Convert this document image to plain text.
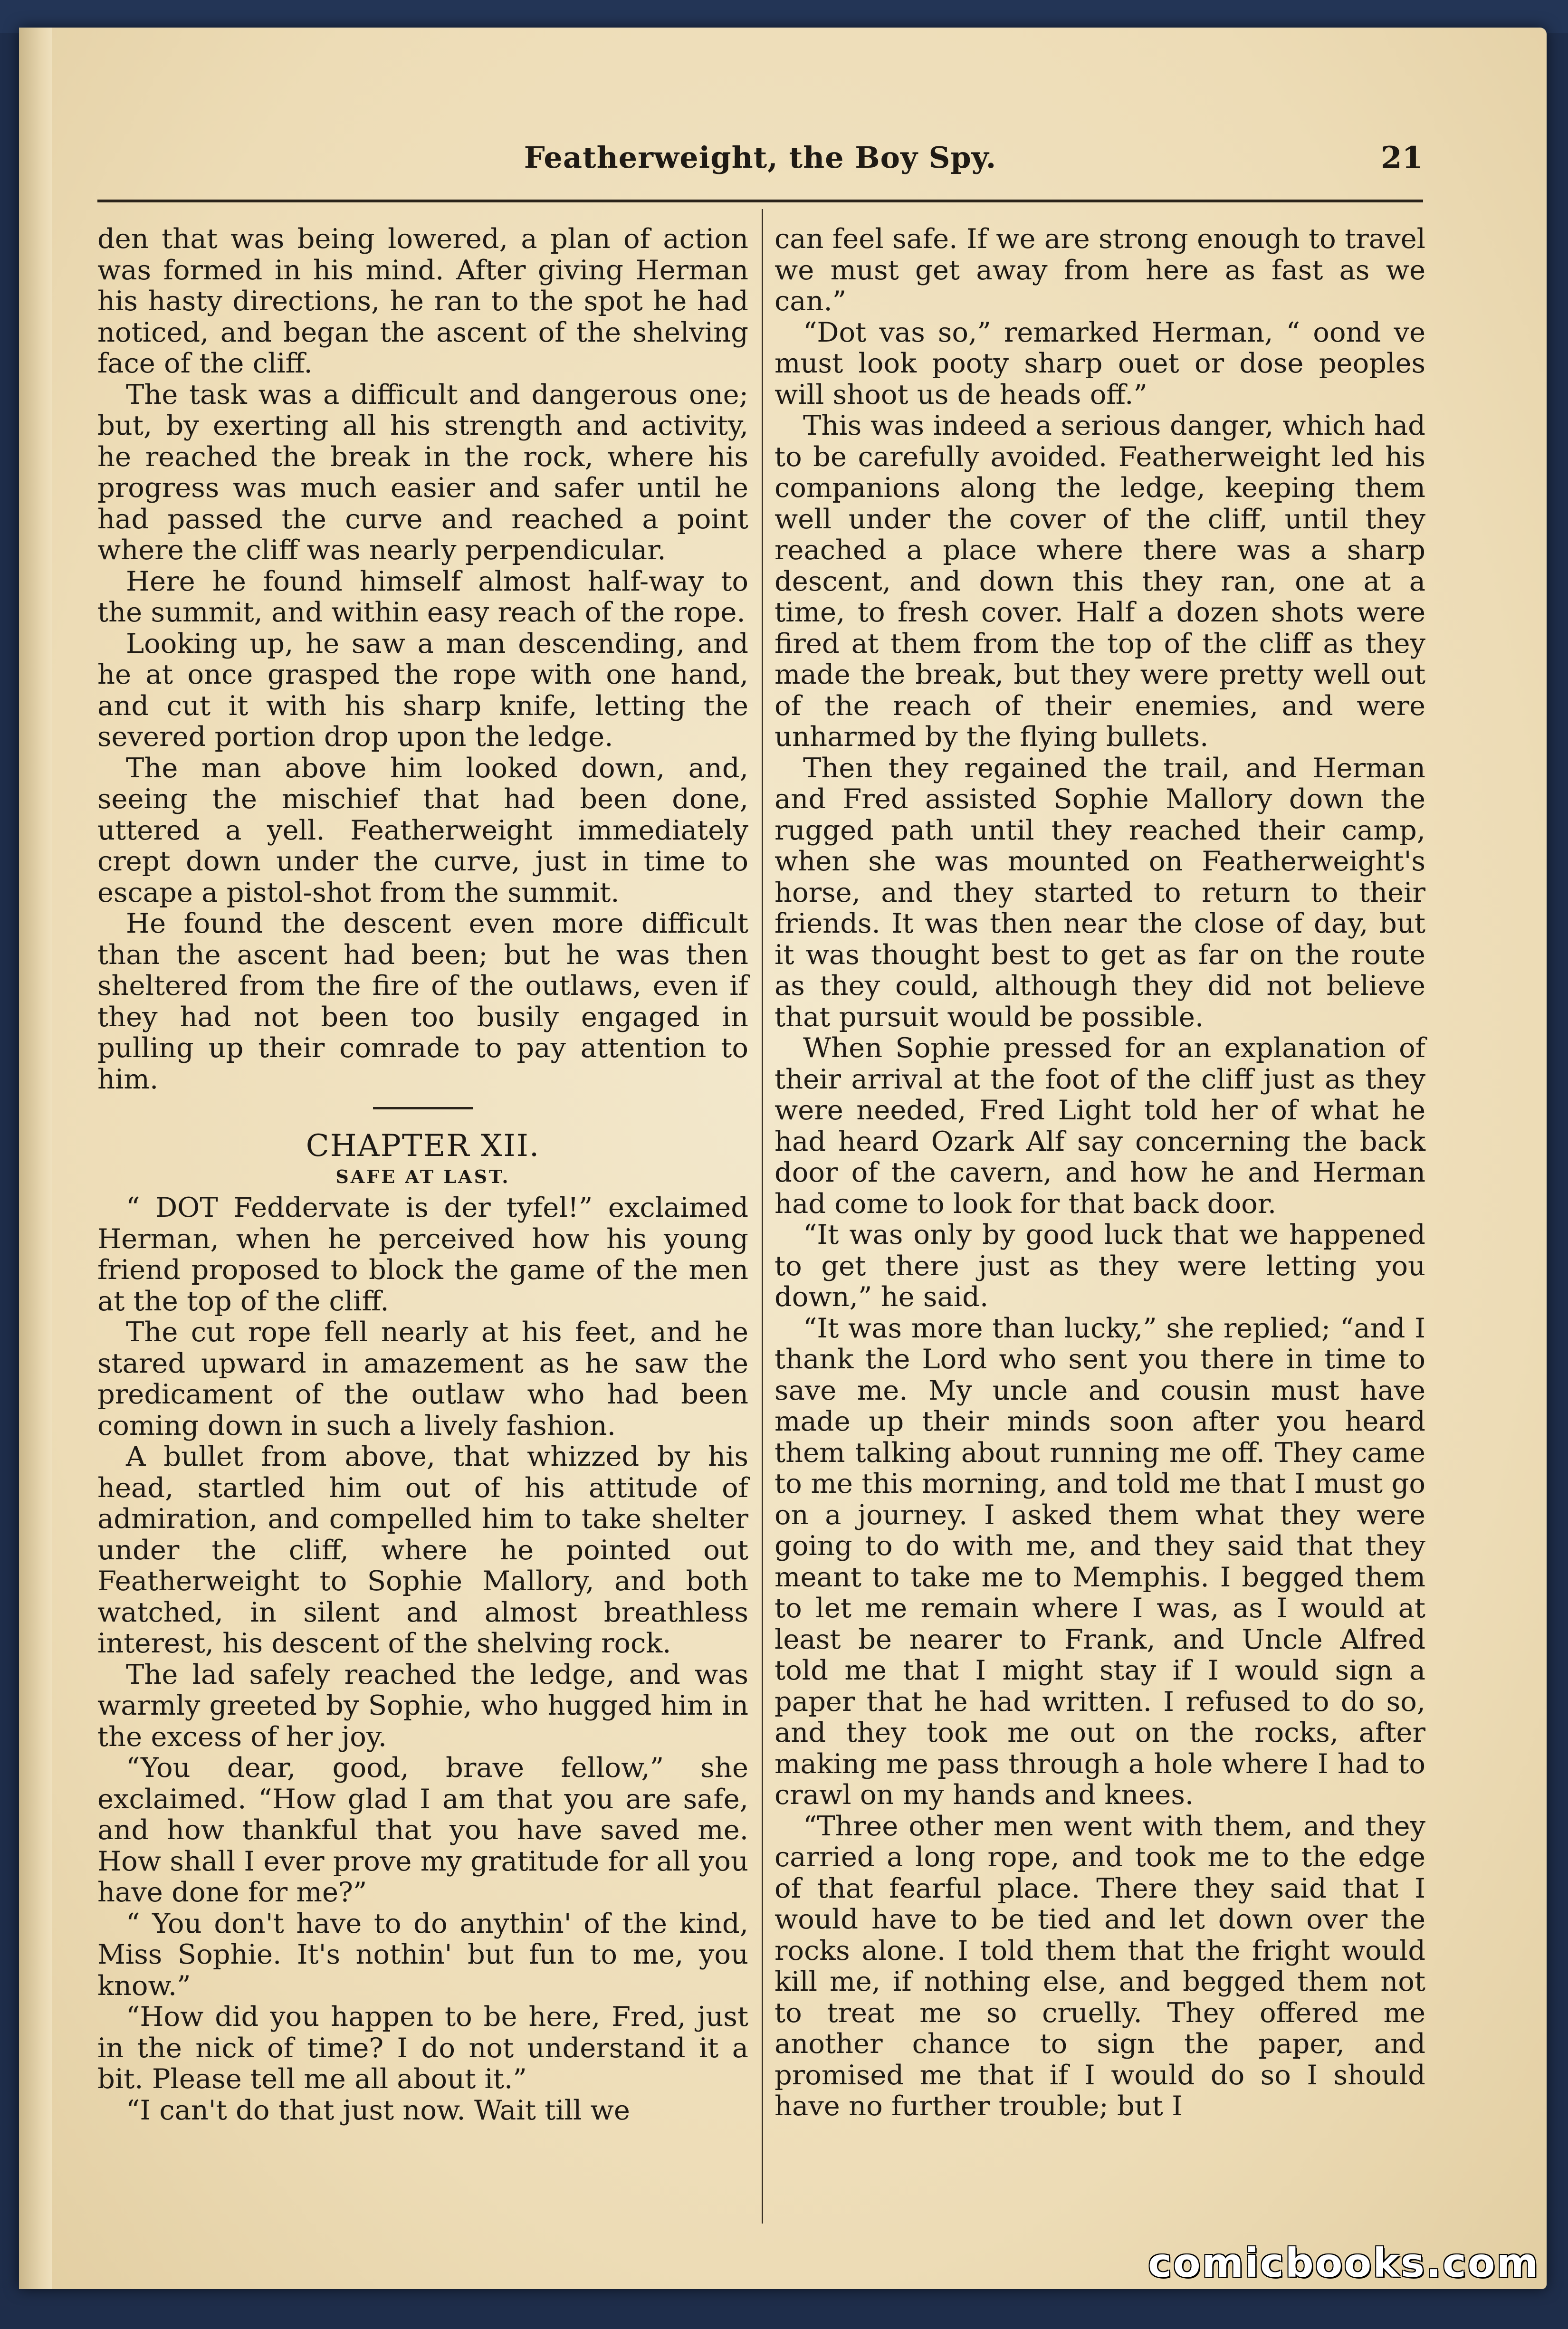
Featherweight, the Boy Spy.	21

den that was being lowered, a plan of action was formed in his mind. After giving Herman his hasty directions, he ran to the spot he had noticed, and began the ascent of the shelving face of the cliff.

The task was a difficult and dangerous one; but, by exerting all his strength and activity, he reached the break in the rock, where his progress was much easier and safer until he had passed the curve and reached a point where the cliff was nearly perpendicular.

Here he found himself almost half-way to the summit, and within easy reach of the rope.

Looking up, he saw a man descending, and he at once grasped the rope with one hand, and cut it with his sharp knife, letting the severed portion drop upon the ledge.

The man above him looked down, and, seeing the mischief that had been done, uttered a yell. Featherweight immediately crept down under the curve, just in time to escape a pistol-shot from the summit.

He found the descent even more difficult than the ascent had been; but he was then sheltered from the fire of the outlaws, even if they had not been too busily engaged in pulling up their comrade to pay attention to him.

CHAPTER XII.

SAFE AT LAST.

“ DOT Feddervate is der tyfel!” exclaimed Herman, when he perceived how his young friend proposed to block the game of the men at the top of the cliff.

The cut rope fell nearly at his feet, and he stared upward in amazement as he saw the predicament of the outlaw who had been coming down in such a lively fashion.

A bullet from above, that whizzed by his head, startled him out of his attitude of admiration, and compelled him to take shelter under the cliff, where he pointed out Featherweight to Sophie Mallory, and both watched, in silent and almost breathless interest, his descent of the shelving rock.

The lad safely reached the ledge, and was warmly greeted by Sophie, who hugged him in the excess of her joy.

“You dear, good, brave fellow,” she exclaimed. “How glad I am that you are safe, and how thankful that you have saved me. How shall I ever prove my gratitude for all you have done for me?”

“ You don't have to do anythin' of the kind, Miss Sophie. It's nothin' but fun to me, you know.”

“How did you happen to be here, Fred, just in the nick of time? I do not understand it a bit. Please tell me all about it.”

“I can't do that just now. Wait till we

can feel safe. If we are strong enough to travel we must get away from here as fast as we can.”

“Dot vas so,” remarked Herman, “ oond ve must look pooty sharp ouet or dose peoples will shoot us de heads off.”

This was indeed a serious danger, which had to be carefully avoided. Featherweight led his companions along the ledge, keeping them well under the cover of the cliff, until they reached a place where there was a sharp descent, and down this they ran, one at a time, to fresh cover. Half a dozen shots were fired at them from the top of the cliff as they made the break, but they were pretty well out of the reach of their enemies, and were unharmed by the flying bullets.

Then they regained the trail, and Herman and Fred assisted Sophie Mallory down the rugged path until they reached their camp, when she was mounted on Featherweight's horse, and they started to return to their friends. It was then near the close of day, but it was thought best to get as far on the route as they could, although they did not believe that pursuit would be possible.

When Sophie pressed for an explanation of their arrival at the foot of the cliff just as they were needed, Fred Light told her of what he had heard Ozark Alf say concerning the back door of the cavern, and how he and Herman had come to look for that back door.

“It was only by good luck that we happened to get there just as they were letting you down,” he said.

“It was more than lucky,” she replied; “and I thank the Lord who sent you there in time to save me. My uncle and cousin must have made up their minds soon after you heard them talking about running me off. They came to me this morning, and told me that I must go on a journey. I asked them what they were going to do with me, and they said that they meant to take me to Memphis. I begged them to let me remain where I was, as I would at least be nearer to Frank, and Uncle Alfred told me that I might stay if I would sign a paper that he had written. I refused to do so, and they took me out on the rocks, after making me pass through a hole where I had to crawl on my hands and knees.

“Three other men went with them, and they carried a long rope, and took me to the edge of that fearful place. There they said that I would have to be tied and let down over the rocks alone. I told them that the fright would kill me, if nothing else, and begged them not to treat me so cruelly. They offered me another chance to sign the paper, and promised me that if I would do so I should have no further trouble; but I

comicbooks.com
